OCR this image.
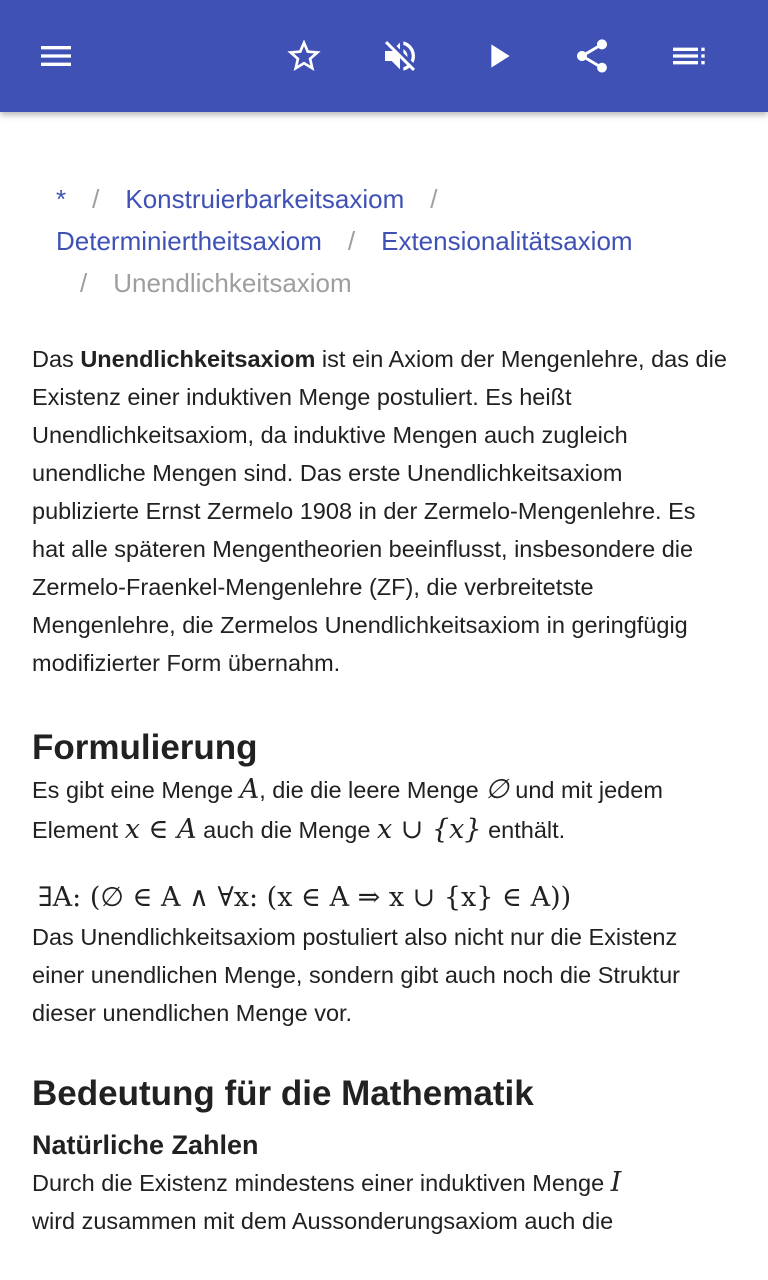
* / Konstruierbarkeitsaxiom /
Determiniertheitsaxiom / Extensionalitätsaxiom
/ Unendlichkeitsaxiom

Das Unendlichkeitsaxiom ist ein Axiom der Mengenlehre, das die Existenz einer induktiven Menge postuliert. Es heißt Unendlichkeitsaxiom, da induktive Mengen auch zugleich unendliche Mengen sind. Das erste Unendlichkeitsaxiom publizierte Ernst Zermelo 1908 in der Zermelo-Mengenlehre. Es hat alle späteren Mengentheorien beeinflusst, insbesondere die Zermelo-Fraenkel-Mengenlehre (ZF), die verbreitetste Mengenlehre, die Zermelos Unendlichkeitsaxiom in geringfügig modifizierter Form übernahm.

Formulierung

Es gibt eine Menge A, die die leere Menge ∅ und mit jedem Element x ∈ A auch die Menge x ∪ {x} enthält.

∃A: (∅ ∈ A ∧ ∀x: (x ∈ A ⇒ x ∪ {x} ∈ A))

Das Unendlichkeitsaxiom postuliert also nicht nur die Existenz einer unendlichen Menge, sondern gibt auch noch die Struktur dieser unendlichen Menge vor.

Bedeutung für die Mathematik
Natürliche Zahlen

Durch die Existenz mindestens einer induktiven Menge I
wird zusammen mit dem Aussonderungsaxiom auch die
